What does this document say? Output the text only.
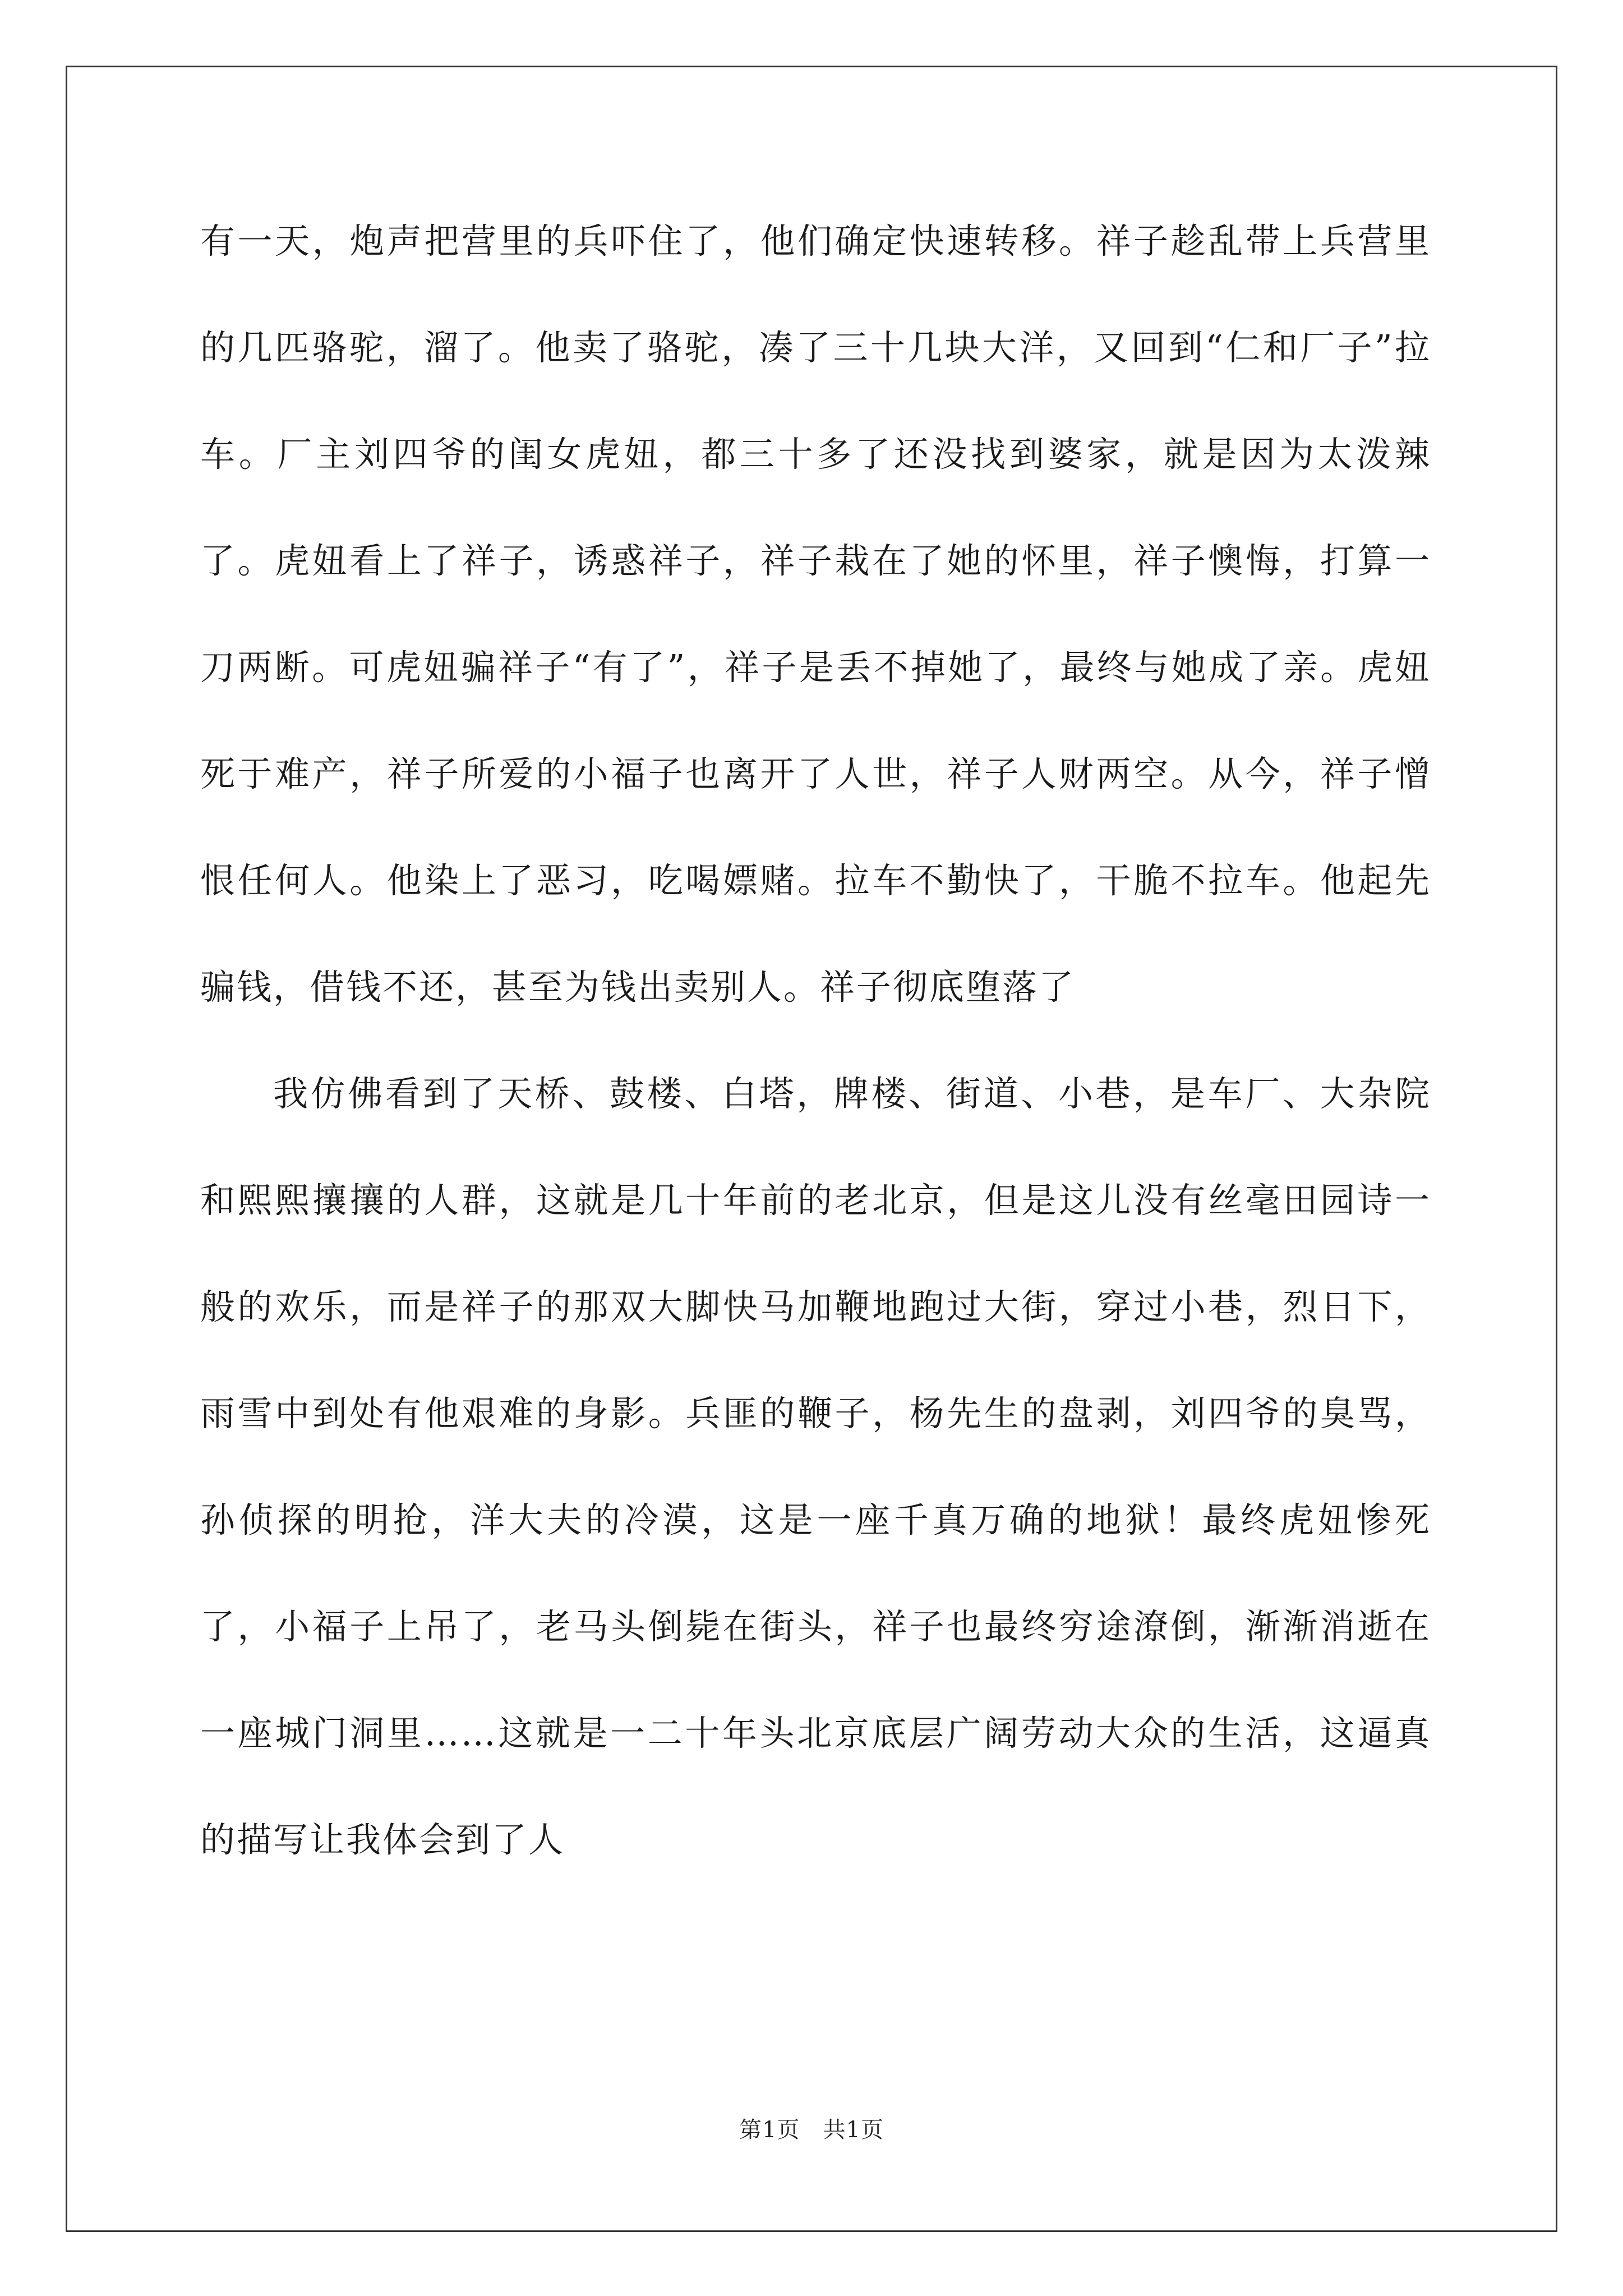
有一天，炮声把营里的兵吓住了，他们确定快速转移。祥子趁乱带上兵营里的几匹骆驼，溜了。他卖了骆驼，凑了三十几块大洋，又回到“仁和厂子”拉车。厂主刘四爷的闺女虎妞，都三十多了还没找到婆家，就是因为太泼辣了。虎妞看上了祥子，诱惑祥子，祥子栽在了她的怀里，祥子懊悔，打算一刀两断。可虎妞骗祥子“有了”，祥子是丢不掉她了，最终与她成了亲。虎妞死于难产，祥子所爱的小福子也离开了人世，祥子人财两空。从今，祥子憎恨任何人。他染上了恶习，吃喝嫖赌。拉车不勤快了，干脆不拉车。他起先骗钱，借钱不还，甚至为钱出卖别人。祥子彻底堕落了

我仿佛看到了天桥、鼓楼、白塔，牌楼、街道、小巷，是车厂、大杂院和熙熙攘攘的人群，这就是几十年前的老北京，但是这儿没有丝毫田园诗一般的欢乐，而是祥子的那双大脚快马加鞭地跑过大街，穿过小巷，烈日下，雨雪中到处有他艰难的身影。兵匪的鞭子，杨先生的盘剥，刘四爷的臭骂，孙侦探的明抢，洋大夫的冷漠，这是一座千真万确的地狱！最终虎妞惨死了，小福子上吊了，老马头倒毙在街头，祥子也最终穷途潦倒，渐渐消逝在一座城门洞里……这就是一二十年头北京底层广阔劳动大众的生活，这逼真的描写让我体会到了人

第1页　共1页
